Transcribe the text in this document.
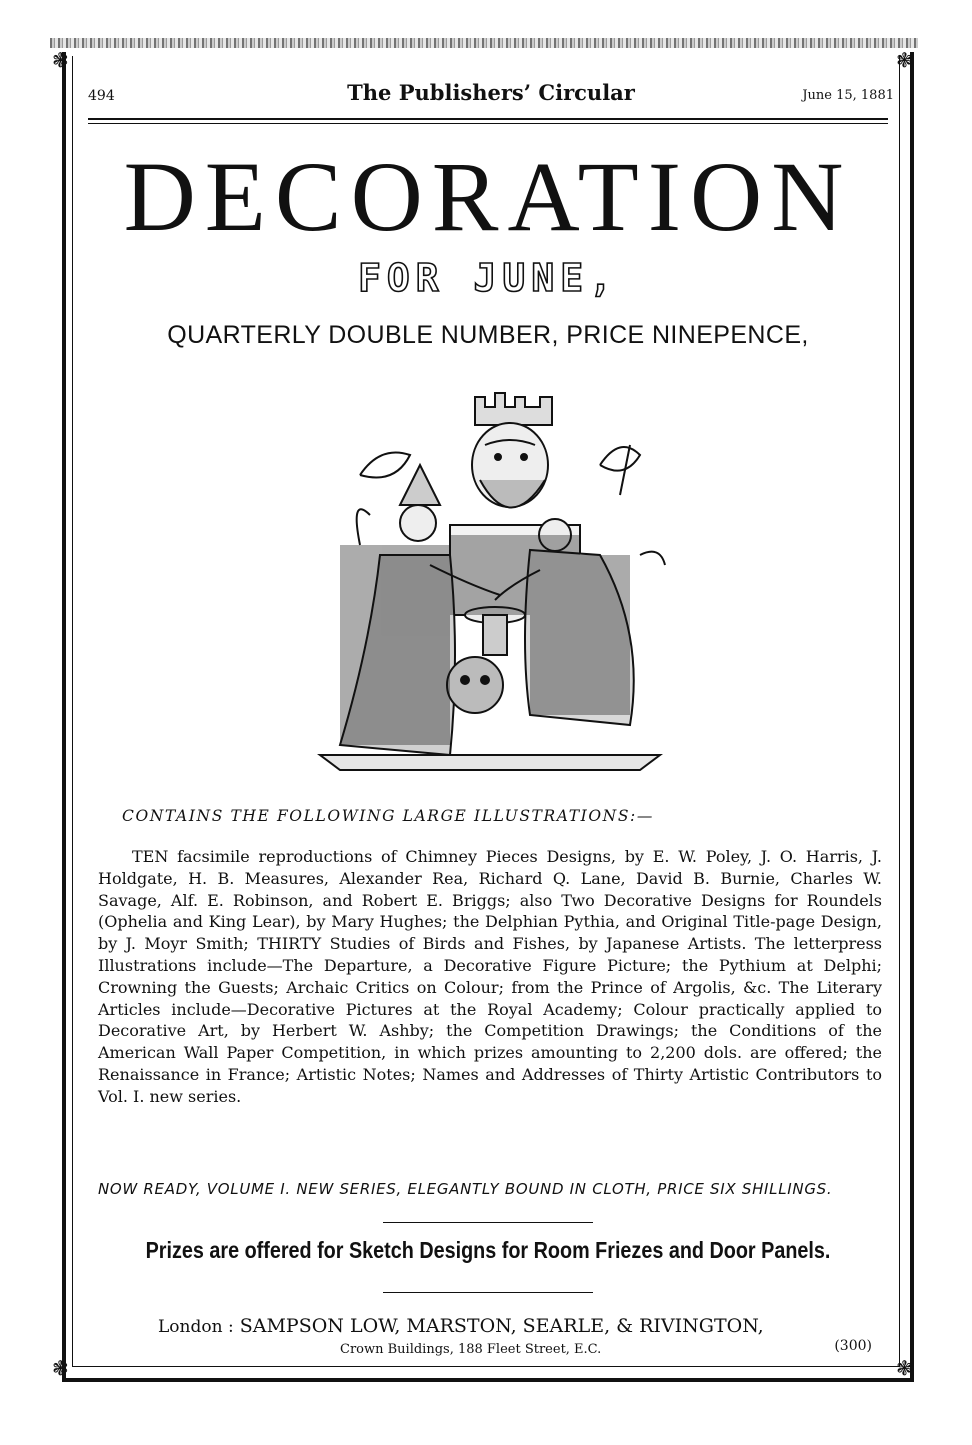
❃	❃
❃	❃
494	The Publishers’ Circular	June 15, 1881
DECORATION
FOR JUNE,
QUARTERLY DOUBLE NUMBER, PRICE NINEPENCE,
CONTAINS THE FOLLOWING LARGE ILLUSTRATIONS:—
TEN facsimile reproductions of Chimney Pieces Designs, by E. W. Poley, J. O. Harris, J. Holdgate, H. B. Measures, Alexander Rea, Richard Q. Lane, David B. Burnie, Charles W. Savage, Alf. E. Robinson, and Robert E. Briggs; also Two Decorative Designs for Roundels (Ophelia and King Lear), by Mary Hughes; the Delphian Pythia, and Original Title-page Design, by J. Moyr Smith; THIRTY Studies of Birds and Fishes, by Japanese Artists. The letterpress Illustrations include—The Departure, a Decorative Figure Picture; the Pythium at Delphi; Crowning the Guests; Archaic Critics on Colour; from the Prince of Argolis, &c. The Literary Articles include—Decorative Pictures at the Royal Academy; Colour practically applied to Decorative Art, by Herbert W. Ashby; the Competition Drawings; the Conditions of the American Wall Paper Competition, in which prizes amounting to 2,200 dols. are offered; the Renaissance in France; Artistic Notes; Names and Addresses of Thirty Artistic Contributors to Vol. I. new series.
NOW READY, VOLUME I. NEW SERIES, ELEGANTLY BOUND IN CLOTH, PRICE SIX SHILLINGS.
Prizes are offered for Sketch Designs for Room Friezes and Door Panels.
London : SAMPSON LOW, MARSTON, SEARLE, & RIVINGTON,
Crown Buildings, 188 Fleet Street, E.C.	(300)
